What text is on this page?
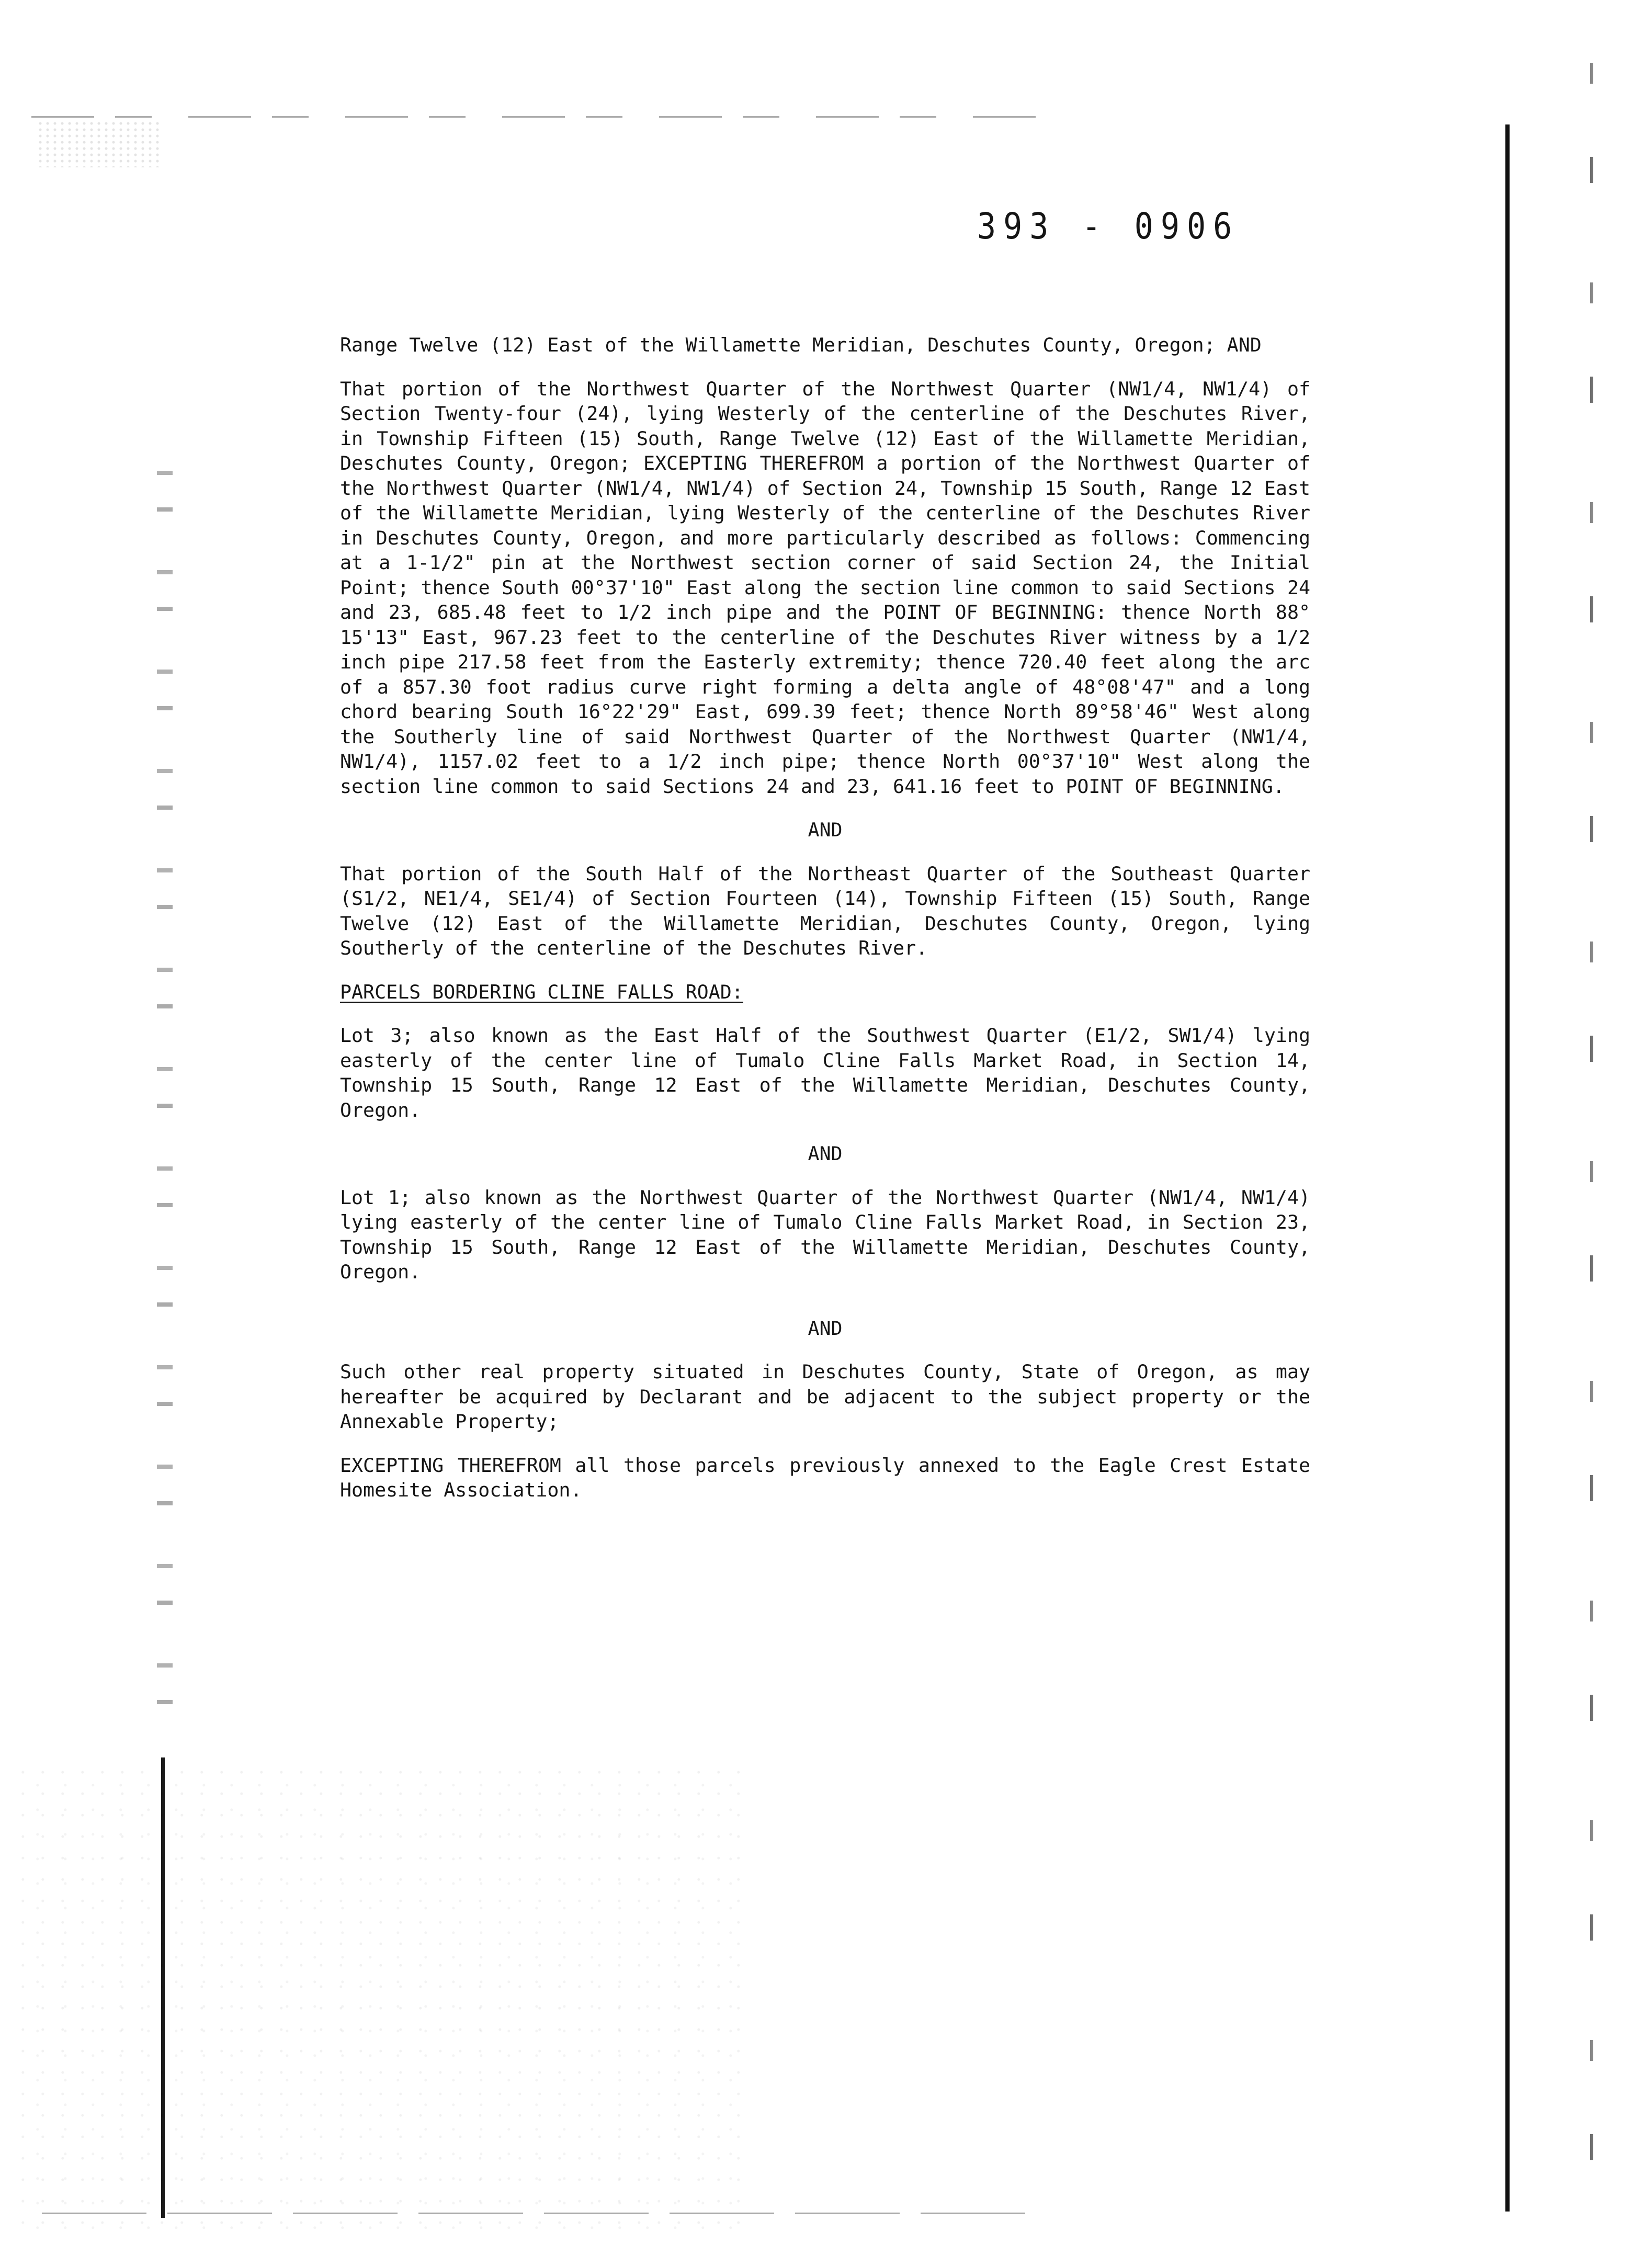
393 - 0906

Range Twelve (12) East of the Willamette Meridian, Deschutes County, Oregon; AND

That portion of the Northwest Quarter of the Northwest Quarter (NW1/4, NW1/4) of Section Twenty-four (24), lying Westerly of the centerline of the Deschutes River, in Township Fifteen (15) South, Range Twelve (12) East of the Willamette Meridian, Deschutes County, Oregon; EXCEPTING THEREFROM a portion of the Northwest Quarter of the Northwest Quarter (NW1/4, NW1/4) of Section 24, Township 15 South, Range 12 East of the Willamette Meridian, lying Westerly of the centerline of the Deschutes River in Deschutes County, Oregon, and more particularly described as follows: Commencing at a 1-1/2" pin at the Northwest section corner of said Section 24, the Initial Point; thence South 00°37'10" East along the section line common to said Sections 24 and 23, 685.48 feet to 1/2 inch pipe and the POINT OF BEGINNING: thence North 88° 15'13" East, 967.23 feet to the centerline of the Deschutes River witness by a 1/2 inch pipe 217.58 feet from the Easterly extremity; thence 720.40 feet along the arc of a 857.30 foot radius curve right forming a delta angle of 48°08'47" and a long chord bearing South 16°22'29" East, 699.39 feet; thence North 89°58'46" West along the Southerly line of said Northwest Quarter of the Northwest Quarter (NW1/4, NW1/4), 1157.02 feet to a 1/2 inch pipe; thence North 00°37'10" West along the section line common to said Sections 24 and 23, 641.16 feet to POINT OF BEGINNING.

AND

That portion of the South Half of the Northeast Quarter of the Southeast Quarter (S1/2, NE1/4, SE1/4) of Section Fourteen (14), Township Fifteen (15) South, Range Twelve (12) East of the Willamette Meridian, Deschutes County, Oregon, lying Southerly of the centerline of the Deschutes River.

PARCELS BORDERING CLINE FALLS ROAD:

Lot 3; also known as the East Half of the Southwest Quarter (E1/2, SW1/4) lying easterly of the center line of Tumalo Cline Falls Market Road, in Section 14, Township 15 South, Range 12 East of the Willamette Meridian, Deschutes County, Oregon.

AND

Lot 1; also known as the Northwest Quarter of the Northwest Quarter (NW1/4, NW1/4) lying easterly of the center line of Tumalo Cline Falls Market Road, in Section 23, Township 15 South, Range 12 East of the Willamette Meridian, Deschutes County, Oregon.

AND

Such other real property situated in Deschutes County, State of Oregon, as may hereafter be acquired by Declarant and be adjacent to the subject property or the Annexable Property;

EXCEPTING THEREFROM all those parcels previously annexed to the Eagle Crest Estate Homesite Association.
